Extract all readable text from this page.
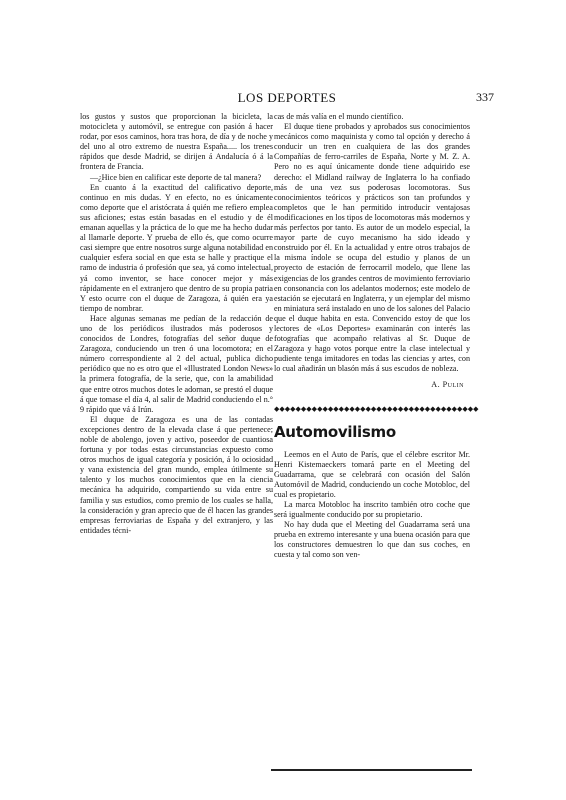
LOS DEPORTES	337

los gustos y sustos que proporcionan la bicicleta, la motocicleta y automóvil, se entregue con pasión á hacer rodar, por esos caminos, hora tras hora, de día y de noche y del uno al otro extremo de nuestra España..... los trenes rápidos que desde Madrid, se dirijen á Andalucía ó á la frontera de Francia.

—¿Hice bien en calificar este deporte de tal manera?

En cuanto á la exactitud del calificativo deporte, continuo en mis dudas. Y en efecto, no es únicamente como deporte que el aristócrata á quién me refiero emplea sus aficiones; estas están basadas en el estudio y de él emanan aquellas y la práctica de lo que me ha hecho dudar al llamarle deporte. Y prueba de ello és, que como ocurre casi siempre que entre nosotros surge alguna notabilidad en cualquier esfera social en que esta se halle y practique el ramo de industria ó profesión que sea, yá como intelectual, yá como inventor, se hace conocer mejor y más rápidamente en el extranjero que dentro de su propia patria Y esto ocurre con el duque de Zaragoza, á quién era ya tiempo de nombrar.

Hace algunas semanas me pedían de la redacción de uno de los periódicos ilustrados más poderosos y conocidos de Londres, fotografías del señor duque de Zaragoza, conduciendo un tren ó una locomotora; en el número correspondiente al 2 del actual, publica dicho periódico que no es otro que el «Illustrated London News» la primera fotografía, de la serie, que, con la amabilidad que entre otros muchos dotes le adornan, se prestó el duque á que tomase el día 4, al salir de Madrid conduciendo el n.° 9 rápido que vá á Irún.

El duque de Zaragoza es una de las contadas excepciones dentro de la elevada clase á que pertenece; noble de abolengo, joven y activo, poseedor de cuantiosa fortuna y por todas estas circunstancias expuesto como otros muchos de igual categoría y posición, á lo ociosidad y vana existencia del gran mundo, emplea útilmente su talento y los muchos conocimientos que en la ciencia mecánica ha adquirido, compartiendo su vida entre su familia y sus estudios, como premio de los cuales se halla, la consideración y gran aprecio que de él hacen las grandes empresas ferroviarias de España y del extranjero, y las entidades técni-

cas de más valía en el mundo científico.

El duque tiene probados y aprobados sus conocimientos mecánicos como maquinista y como tal opción y derecho á conducir un tren en cualquiera de las dos grandes Compañías de ferro-carriles de España, Norte y M. Z. A. Pero no es aquí únicamente donde tiene adquirido ese derecho: el Midland railway de Inglaterra lo ha confiado más de una vez sus poderosas locomotoras. Sus conocimientos teóricos y prácticos son tan profundos y completos que le han permitido introducir ventajosas modificaciones en los tipos de locomotoras más modernos y más perfectos por tanto. Es autor de un modelo especial, la mayor parte de cuyo mecanismo ha sido ideado y construido por él. En la actualidad y entre otros trabajos de la misma índole se ocupa del estudio y planos de un proyecto de estación de ferrocarril modelo, que llene las exigencias de los grandes centros de movimiento ferroviario en consonancia con los adelantos modernos; este modelo de estación se ejecutará en Inglaterra, y un ejemplar del mismo en miniatura será instalado en uno de los salones del Palacio que el duque habita en esta. Convencido estoy de que los lectores de «Los Deportes» examinarán con interés las fotografías que acompaño relativas al Sr. Duque de Zaragoza y hago votos porque entre la clase intelectual y pudiente tenga imitadores en todas las ciencias y artes, con lo cual añadirán un blasón más á sus escudos de nobleza.

A. Pulin

◆◆◆◆◆◆◆◆◆◆◆◆◆◆◆◆◆◆◆◆◆◆◆◆◆◆◆◆◆◆◆◆◆◆◆◆◆◆
Automovilismo

Leemos en el Auto de París, que el célebre escritor Mr. Henri Kistemaeckers tomará parte en el Meeting del Guadarrama, que se celebrará con ocasión del Salón Automóvil de Madrid, conduciendo un coche Motobloc, del cual es propietario.

La marca Motobloc ha inscrito también otro coche que será igualmente conducido por su propietario.

No hay duda que el Meeting del Guadarrama será una prueba en extremo interesante y una buena ocasión para que los constructores demuestren lo que dan sus coches, en cuesta y tal como son ven-
